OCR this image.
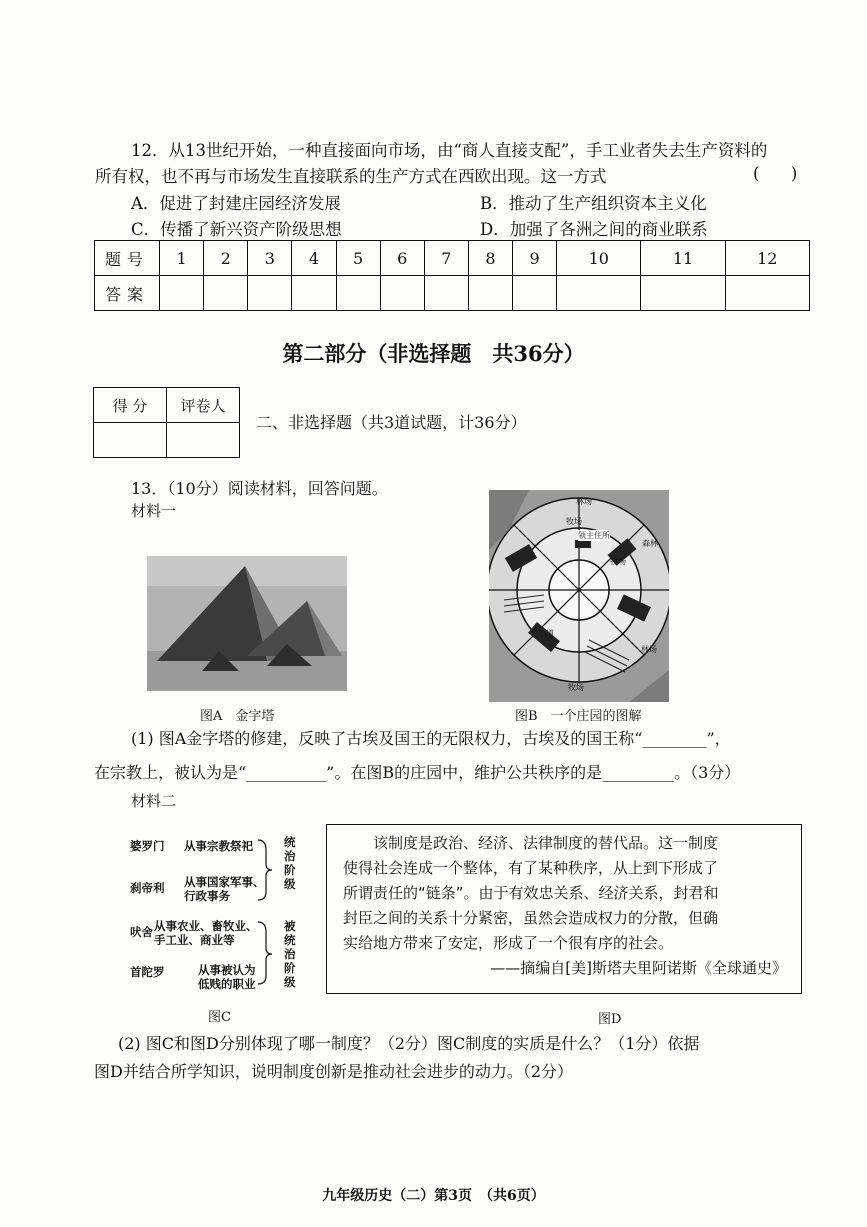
12．从13世纪开始，一种直接面向市场，由“商人直接支配”，手工业者失去生产资料的
所有权，也不再与市场发生直接联系的生产方式在西欧出现。这一方式	(      )
A．促进了封建庄园经济发展	B．推动了生产组织资本主义化
C．传播了新兴资产阶级思想	D．加强了各洲之间的商业联系
题号	1	2	3	4	5	6	7	8	9	10	11	12
答案												
第二部分（非选择题　共36分）
得 分	评卷人

二、非选择题（共3道试题，计36分）
13．（10分）阅读材料，回答问题。
材料一
图A　金字塔
林场
牧场
领主住所
牧场
森林
小道
牧场
林场
图B　一个庄园的图解
(1) 图A金字塔的修建，反映了古埃及国王的无限权力，古埃及的国王称“________”，
在宗教上，被认为是“__________”。在图B的庄园中，维护公共秩序的是_________。（3分）
材料二
婆罗门
刹帝利
吠舍
首陀罗
从事宗教祭祀
从事国家军事、
行政事务
从事农业、畜牧业、
手工业、商业等
从事被认为
低贱的职业
统
治
阶
级
被
统
治
阶
级
图C
该制度是政治、经济、法律制度的替代品。这一制度
使得社会连成一个整体，有了某种秩序，从上到下形成了
所谓责任的“链条”。由于有效忠关系、经济关系，封君和
封臣之间的关系十分紧密，虽然会造成权力的分散，但确
实给地方带来了安定，形成了一个很有序的社会。
——摘编自[美]斯塔夫里阿诺斯《全球通史》
图D
(2) 图C和图D分别体现了哪一制度？（2分）图C制度的实质是什么？（1分）依据
图D并结合所学知识，说明制度创新是推动社会进步的动力。（2分）
九年级历史（二）第3页　（共6页）
